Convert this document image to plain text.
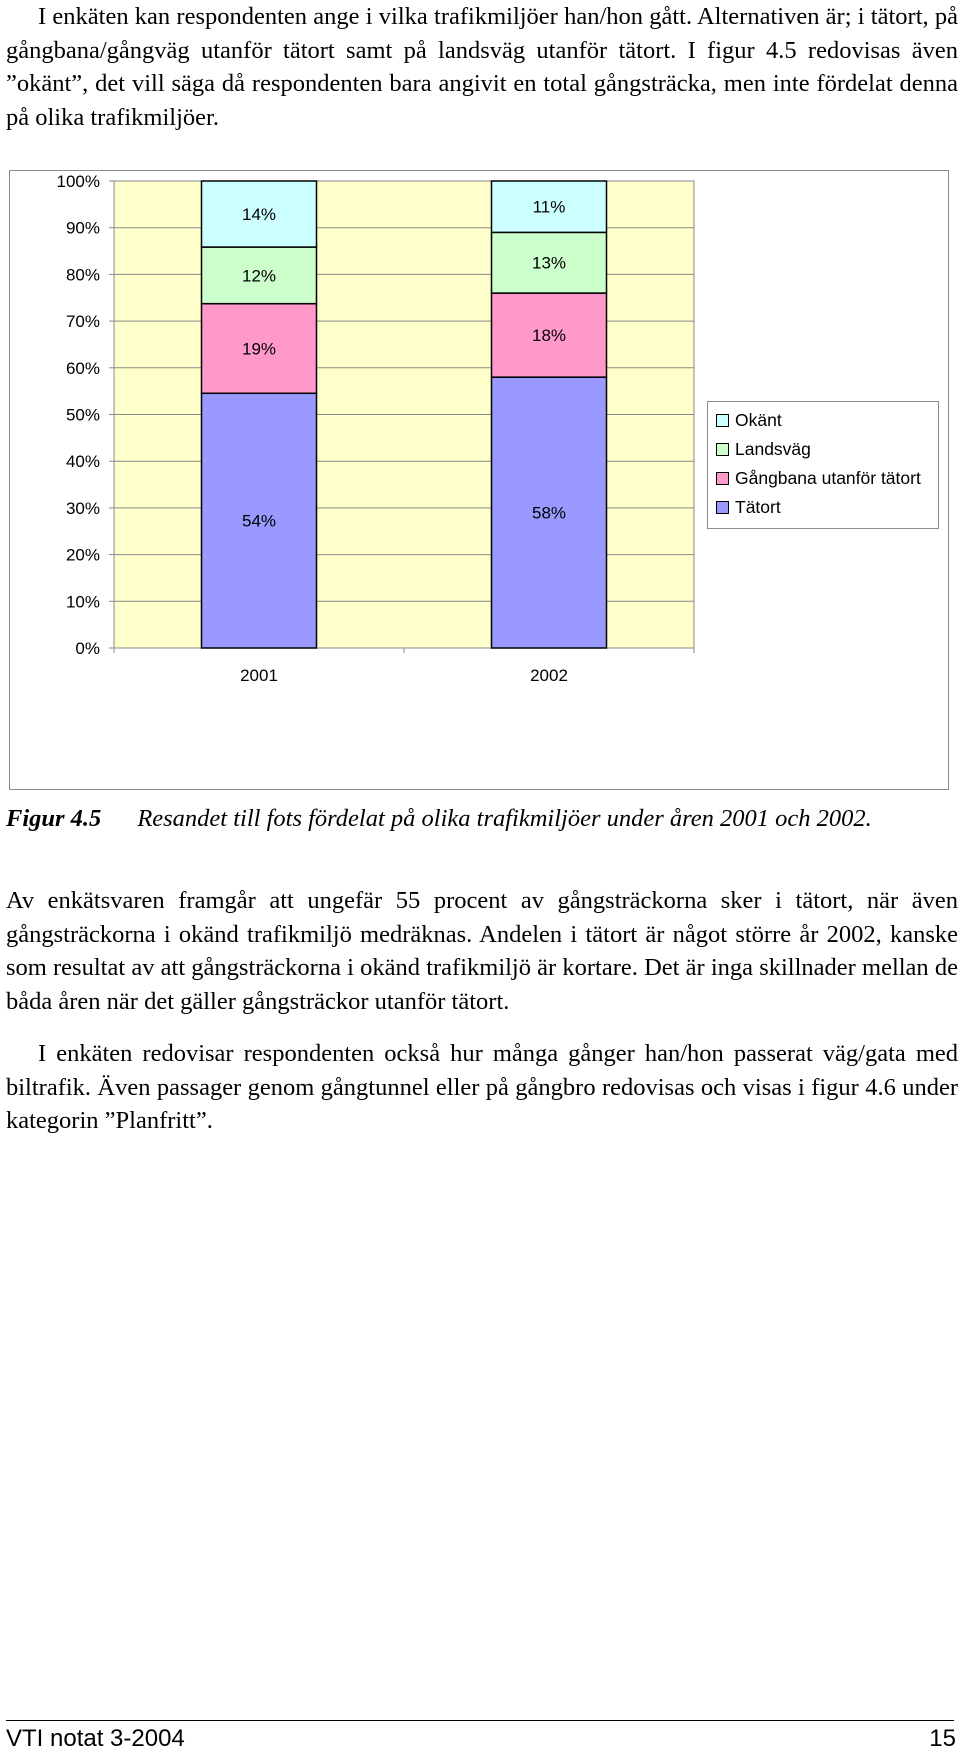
I enkäten kan respondenten ange i vilka trafikmiljöer han/hon gått. Alternativen är; i tätort, på gångbana/gångväg utanför tätort samt på landsväg utanför tätort. I figur 4.5 redovisas även ”okänt”, det vill säga då respondenten bara angivit en total gångsträcka, men inte fördelat denna på olika trafikmiljöer.

0%
10%
20%
30%
40%
50%
60%
70%
80%
90%
100%
54%
19%
12%
14%
2001
58%
18%
13%
11%
2002
Okänt
Landsväg
Gångbana utanför tätort
Tätort

Figur 4.5 Resandet till fots fördelat på olika trafikmiljöer under åren 2001 och 2002.

Av enkätsvaren framgår att ungefär 55 procent av gångsträckorna sker i tätort, när även gångsträckorna i okänd trafikmiljö medräknas. Andelen i tätort är något större år 2002, kanske som resultat av att gångsträckorna i okänd trafikmiljö är kortare. Det är inga skillnader mellan de båda åren när det gäller gångsträckor utanför tätort.

I enkäten redovisar respondenten också hur många gånger han/hon passerat väg/gata med biltrafik. Även passager genom gångtunnel eller på gångbro redovisas och visas i figur 4.6 under kategorin ”Planfritt”.

VTI notat 3-2004	15
